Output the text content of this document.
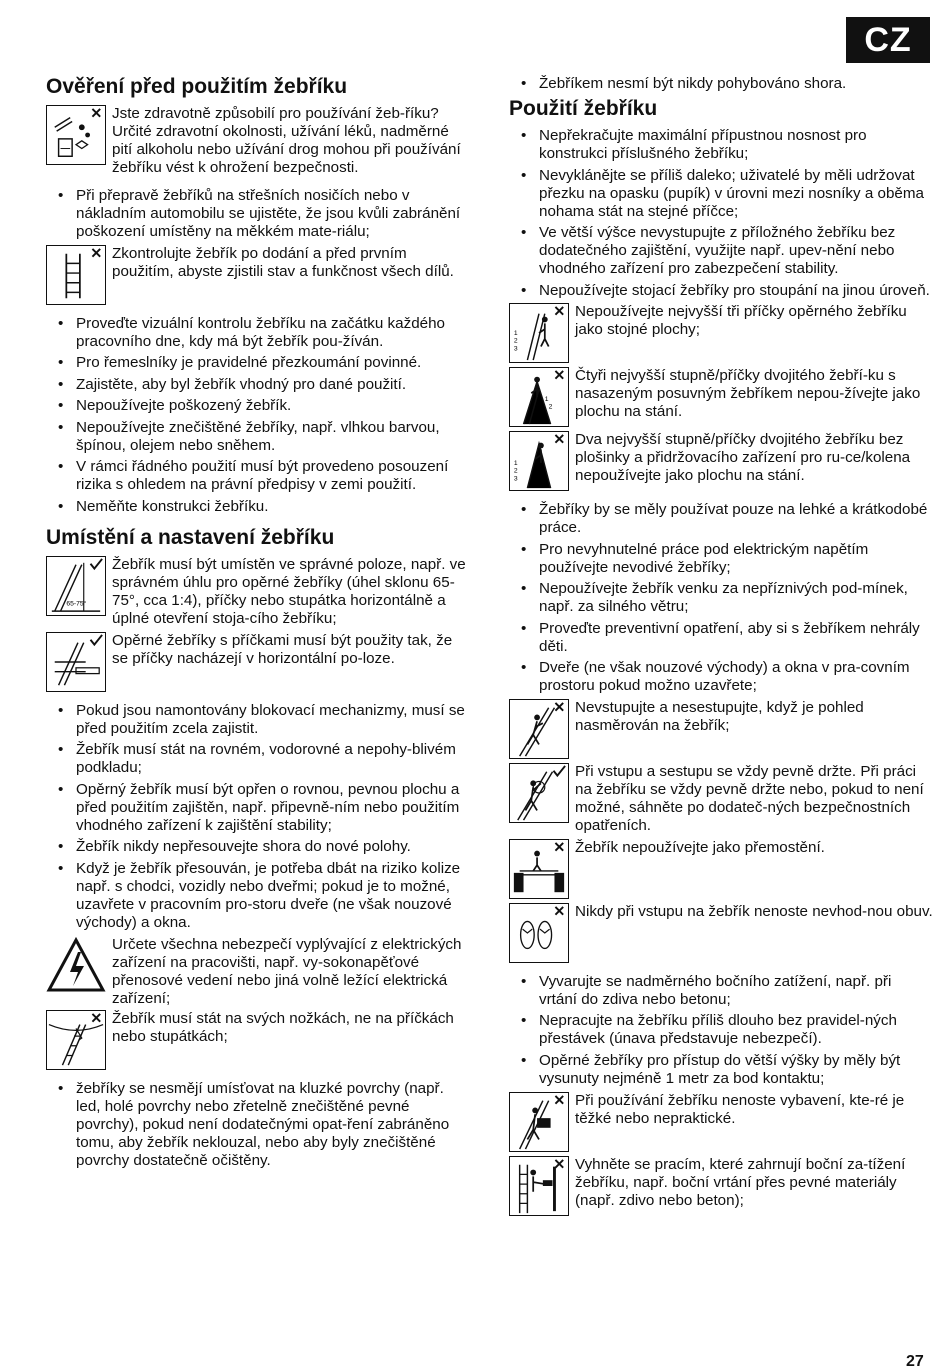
CZ
Ověření před použitím žebříku
Jste zdravotně způsobilí pro používání žeb-říku? Určité zdravotní okolnosti, užívání léků, nadměrné pití alkoholu nebo užívání drog mohou při používání žebříku vést k ohrožení bezpečnosti.
• Při přepravě žebříků na střešních nosičích nebo v nákladním automobilu se ujistěte, že jsou kvůli zabránění poškození umístěny na měkkém mate-riálu;
Zkontrolujte žebřík po dodání a před prvním použitím, abyste zjistili stav a funkčnost všech dílů.
• Proveďte vizuální kontrolu žebříku na začátku každého pracovního dne, kdy má být žebřík pou-žíván.
• Pro řemeslníky je pravidelné přezkoumání povinné.
• Zajistěte, aby byl žebřík vhodný pro dané použití.
• Nepoužívejte poškozený žebřík.
• Nepoužívejte znečištěné žebříky, např. vlhkou barvou, špínou, olejem nebo sněhem.
• V rámci řádného použití musí být provedeno posouzení rizika s ohledem na právní předpisy v zemi použití.
• Neměňte konstrukci žebříku.
Umístění a nastavení žebříku
65-75°
Žebřík musí být umístěn ve správné poloze, např. ve správném úhlu pro opěrné žebříky (úhel sklonu 65-75°, cca 1:4), příčky nebo stupátka horizontálně a úplné otevření stoja-cího žebříku;
Opěrné žebříky s příčkami musí být použity tak, že se příčky nacházejí v horizontální po-loze.
• Pokud jsou namontovány blokovací mechanizmy, musí se před použitím zcela zajistit.
• Žebřík musí stát na rovném, vodorovné a nepohy-blivém podkladu;
• Opěrný žebřík musí být opřen o rovnou, pevnou plochu a před použitím zajištěn, např. připevně-ním nebo použitím vhodného zařízení k zajištění stability;
• Žebřík nikdy nepřesouvejte shora do nové polohy.
• Když je žebřík přesouván, je potřeba dbát na riziko kolize např. s chodci, vozidly nebo dveřmi; pokud je to možné, uzavřete v pracovním pro-storu dveře (ne však nouzové východy) a okna.
Určete všechna nebezpečí vyplývající z elektrických zařízení na pracovišti, např. vy-sokonapěťové přenosové vedení nebo jiná volně ležící elektrická zařízení;
Žebřík musí stát na svých nožkách, ne na příčkách nebo stupátkách;
• žebříky se nesmějí umísťovat na kluzké povrchy (např. led, holé povrchy nebo zřetelně znečištěné pevné povrchy), pokud není dodatečnými opat-ření zabráněno tomu, aby žebřík neklouzal, nebo aby byly znečištěné povrchy dostatečně očištěny.
• Žebříkem nesmí být nikdy pohybováno shora.
Použití žebříku
• Nepřekračujte maximální přípustnou nosnost pro konstrukci příslušného žebříku;
• Nevyklánějte se příliš daleko; uživatelé by měli udržovat přezku na opasku (pupík) v úrovni mezi nosníky a oběma nohama stát na stejné příčce;
• Ve větší výšce nevystupujte z příložného žebříku bez dodatečného zajištění, využijte např. upev-nění nebo vhodného zařízení pro zabezpečení stability.
• Nepoužívejte stojací žebříky pro stoupání na jinou úroveň.
1
2
3
Nepoužívejte nejvyšší tři příčky opěrného žebříku jako stojné plochy;
1
2
Čtyři nejvyšší stupně/příčky dvojitého žebří-ku s nasazeným posuvným žebříkem nepou-žívejte jako plochu na stání.
1
2
3
Dva nejvyšší stupně/příčky dvojitého žebříku bez plošinky a přidržovacího zařízení pro ru-ce/kolena nepoužívejte jako plochu na stání.
• Žebříky by se měly používat pouze na lehké a krátkodobé práce.
• Pro nevyhnutelné práce pod elektrickým napětím používejte nevodivé žebříky;
• Nepoužívejte žebřík venku za nepříznivých pod-mínek, např. za silného větru;
• Proveďte preventivní opatření, aby si s žebříkem nehrály děti.
• Dveře (ne však nouzové východy) a okna v pra-covním prostoru pokud možno uzavřete;
Nevstupujte a nesestupujte, když je pohled nasměrován na žebřík;
Při vstupu a sestupu se vždy pevně držte. Při práci na žebříku se vždy pevně držte nebo, pokud to není možné, sáhněte po dodateč-ných bezpečnostních opatřeních.
Žebřík nepoužívejte jako přemostění.
Nikdy při vstupu na žebřík nenoste nevhod-nou obuv.
• Vyvarujte se nadměrného bočního zatížení, např. při vrtání do zdiva nebo betonu;
• Nepracujte na žebříku příliš dlouho bez pravidel-ných přestávek (únava představuje nebezpečí).
• Opěrné žebříky pro přístup do větší výšky by měly být vysunuty nejméně 1 metr za bod kontaktu;
Při používání žebříku nenoste vybavení, kte-ré je těžké nebo nepraktické.
Vyhněte se pracím, které zahrnují boční za-tížení žebříku, např. boční vrtání přes pevné materiály (např. zdivo nebo beton);
27
